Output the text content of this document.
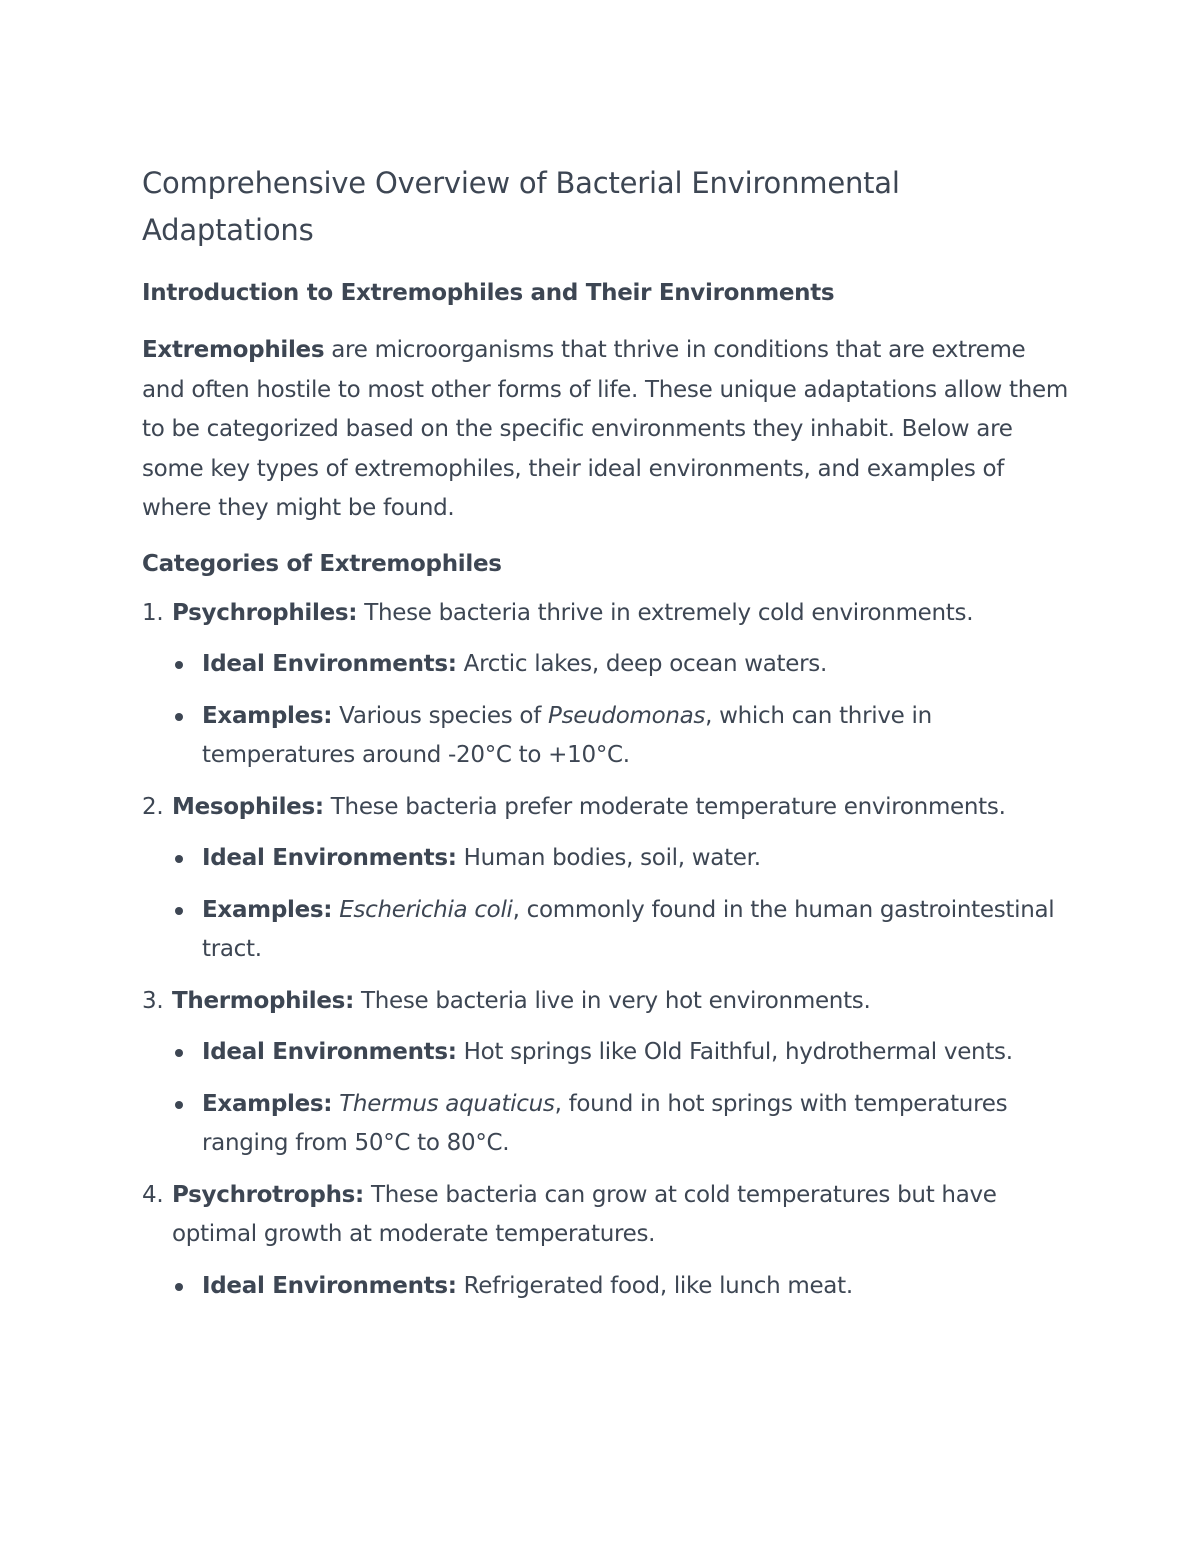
Comprehensive Overview of Bacterial Environmental Adaptations
Introduction to Extremophiles and Their Environments

Extremophiles are microorganisms that thrive in conditions that are extreme and often hostile to most other forms of life. These unique adaptations allow them to be categorized based on the specific environments they inhabit. Below are some key types of extremophiles, their ideal environments, and examples of where they might be found.

Categories of Extremophiles
1. Psychrophiles: These bacteria thrive in extremely cold environments.
Ideal Environments: Arctic lakes, deep ocean waters.
Examples: Various species of Pseudomonas, which can thrive in temperatures around -20°C to +10°C.
2. Mesophiles: These bacteria prefer moderate temperature environments.
Ideal Environments: Human bodies, soil, water.
Examples: Escherichia coli, commonly found in the human gastrointestinal tract.
3. Thermophiles: These bacteria live in very hot environments.
Ideal Environments: Hot springs like Old Faithful, hydrothermal vents.
Examples: Thermus aquaticus, found in hot springs with temperatures ranging from 50°C to 80°C.
4. Psychrotrophs: These bacteria can grow at cold temperatures but have optimal growth at moderate temperatures.
Ideal Environments: Refrigerated food, like lunch meat.
